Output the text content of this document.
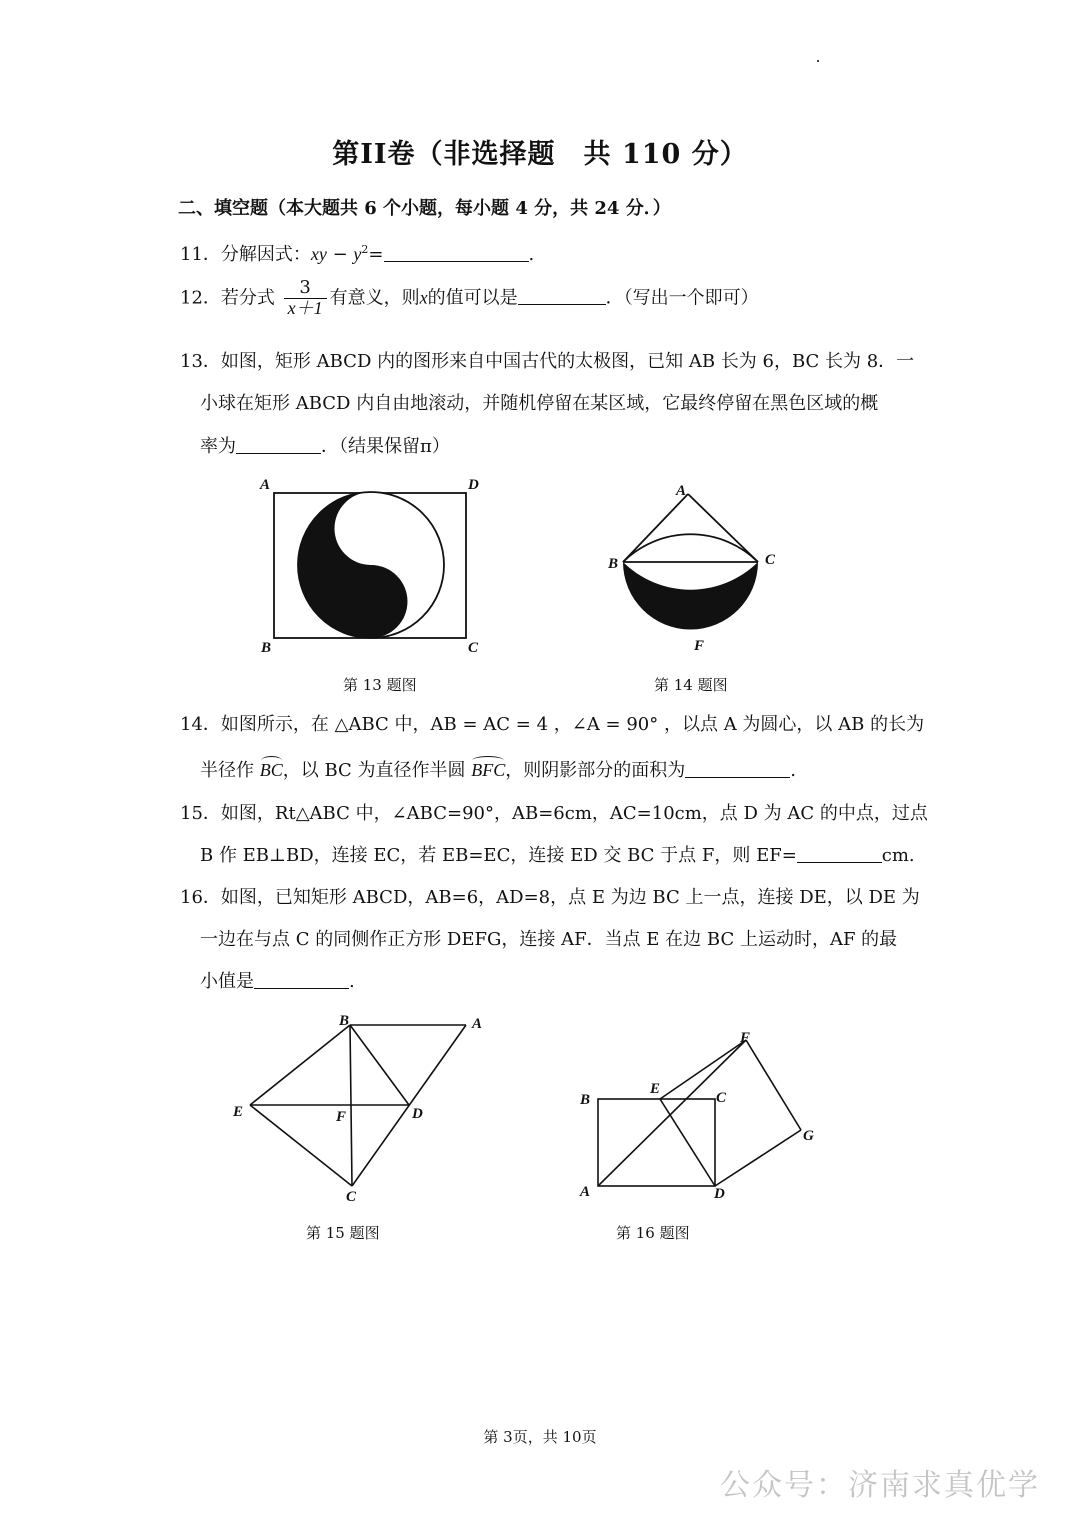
第II卷（非选择题　共 110 分）
二、填空题（本大题共 6 个小题，每小题 4 分，共 24 分．）
11．分解因式：xy − $y^2=$	.
12．若分式 $\frac{3}{x+1}$ 有意义，则x的值可以是	．（写出一个即可）
13．如图，矩形 ABCD 内的图形来自中国古代的太极图，已知 AB 长为 6，BC 长为 8．一
小球在矩形 ABCD 内自由地滚动，并随机停留在某区域，它最终停留在黑色区域的概
率为	．（结果保留π）
A	D
B	C
第 13 题图
A
B	C
F
第 14 题图
14．如图所示，在 △ABC 中，AB = AC = 4 ，∠A = 90° ，以点 A 为圆心，以 AB 的长为
半径作 BC，以 BC 为直径作半圆 BFC，则阴影部分的面积为	.
15．如图，Rt△ABC 中，∠ABC=90°，AB=6cm，AC=10cm，点 D 为 AC 的中点，过点
B 作 EB⊥BD，连接 EC，若 EB=EC，连接 ED 交 BC 于点 F，则 EF=	cm.
16．如图，已知矩形 ABCD，AB=6，AD=8，点 E 为边 BC 上一点，连接 DE，以 DE 为
一边在与点 C 的同侧作正方形 DEFG，连接 AF．当点 E 在边 BC 上运动时，AF 的最
小值是	.
B	A
E	F	D
C
第 15 题图
B
E
C
F
G
A	D
第 16 题图
第 3页，共 10页
公众号：济南求真优学
